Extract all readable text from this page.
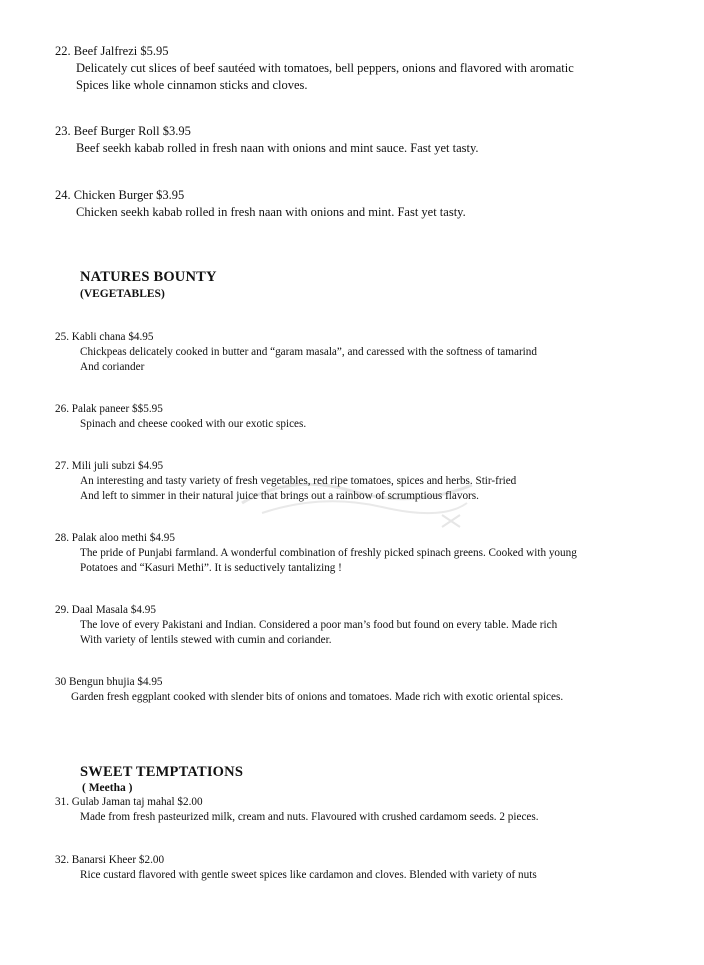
22. Beef Jalfrezi $5.95
Delicately cut slices of beef sautéed with tomatoes, bell peppers, onions and flavored with aromatic
Spices like whole cinnamon sticks and cloves.
23. Beef Burger Roll $3.95
Beef seekh kabab rolled in fresh naan with onions and mint sauce. Fast yet tasty.
24. Chicken Burger $3.95
Chicken seekh kabab rolled in fresh naan with onions and mint. Fast yet tasty.
NATURES BOUNTY
(VEGETABLES)
25. Kabli chana $4.95
Chickpeas delicately cooked in butter and “garam masala”, and caressed with the softness of tamarind
And coriander
26. Palak paneer $$5.95
Spinach and cheese cooked with our exotic spices.
27. Mili juli subzi $4.95
An interesting and tasty variety of fresh vegetables, red ripe tomatoes, spices and herbs. Stir-fried
And left to simmer in their natural juice that brings out a rainbow of scrumptious flavors.
28. Palak aloo methi $4.95
The pride of Punjabi farmland. A wonderful combination of freshly picked spinach greens. Cooked with young
Potatoes and “Kasuri Methi”. It is seductively tantalizing !
29. Daal Masala $4.95
The love of every Pakistani and Indian. Considered a poor man’s food but found on every table. Made rich
With variety of lentils stewed with cumin and coriander.
30 Bengun bhujia $4.95
Garden fresh eggplant cooked with slender bits of onions and tomatoes. Made rich with exotic oriental spices.
SWEET TEMPTATIONS
( Meetha )
31. Gulab Jaman taj mahal $2.00
Made from fresh pasteurized milk, cream and nuts. Flavoured with crushed cardamom seeds. 2 pieces.
32. Banarsi Kheer $2.00
Rice custard flavored with gentle sweet spices like cardamon and cloves. Blended with variety of nuts
